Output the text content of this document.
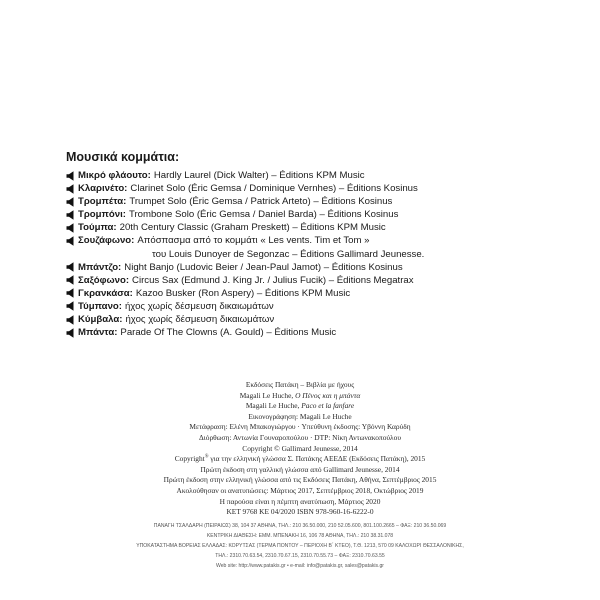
Μουσικά κομμάτια:
Μικρό φλάουτο: Hardly Laurel (Dick Walter) – Éditions KPM Music
Κλαρινέτο: Clarinet Solo (Éric Gemsa / Dominique Vernhes) – Éditions Kosinus
Τρομπέτα: Trumpet Solo (Éric Gemsa / Patrick Arteto) – Éditions Kosinus
Τρομπόνι: Trombone Solo (Éric Gemsa / Daniel Barda) – Éditions Kosinus
Τούμπα: 20th Century Classic (Graham Preskett) – Éditions KPM Music
Σουζάφωνο: Απόσπασμα από το κομμάτι « Les vents. Tim et Tom »
του Louis Dunoyer de Segonzac – Éditions Gallimard Jeunesse.
Μπάντζο: Night Banjo (Ludovic Beier / Jean-Paul Jamot) – Éditions Kosinus
Σαξόφωνο: Circus Sax (Edmund J. King Jr. / Julius Fucik) – Éditions Megatrax
Γκρανκάσα: Kazoo Busker (Ron Aspery) – Éditions KPM Music
Τύμπανο: ήχος χωρίς δέσμευση δικαιωμάτων
Κύμβαλα: ήχος χωρίς δέσμευση δικαιωμάτων
Μπάντα: Parade Of The Clowns (A. Gould) – Éditions Music
Εκδόσεις Πατάκη – Βιβλία με ήχους
Magali Le Huche, Ο Πένος και η μπάντα
Magali Le Huche, Paco et la fanfare
Εικονογράφηση: Magali Le Huche
Μετάφραση: Ελένη Μπακογιώργου · Υπεύθυνη έκδοσης: Υβόννη Καρύδη
Διόρθωση: Αντωνία Γουναροπούλου · DTP: Νίκη Αντωνακοπούλου
Copyright © Gallimard Jeunesse, 2014
Copyright® για την ελληνική γλώσσα Σ. Πατάκης ΑΕΕΔΕ (Εκδόσεις Πατάκη), 2015
Πρώτη έκδοση στη γαλλική γλώσσα από Gallimard Jeunesse, 2014
Πρώτη έκδοση στην ελληνική γλώσσα από τις Εκδόσεις Πατάκη, Αθήνα, Σεπτέμβριος 2015
Ακολούθησαν οι ανατυπώσεις: Μάρτιος 2017, Σεπτέμβριος 2018, Οκτώβριος 2019
Η παρούσα είναι η πέμπτη ανατύπωση, Μάρτιος 2020
ΚΕΤ 9768 ΚΕ 04/2020 ISBN 978-960-16-6222-0
ΠΑΝΑΓΗ ΤΣΑΛΔΑΡΗ (ΠΕΙΡΑΙΩΣ) 38, 104 37 ΑΘΗΝΑ, ΤΗΛ.: 210 36.50.000, 210 52.05.600, 801.100.2665 – ΦΑΞ: 210 36.50.069
ΚΕΝΤΡΙΚΗ ΔΙΑΘΕΣΗ: ΕΜΜ. ΜΠΕΝΑΚΗ 16, 106 78 ΑΘΗΝΑ, ΤΗΛ.: 210 38.31.078
ΥΠΟΚΑΤΑΣΤΗΜΑ ΒΟΡΕΙΑΣ ΕΛΛΑΔΑΣ: ΚΟΡΥΤΣΑΣ (ΤΕΡΜΑ ΠΟΝΤΟΥ – ΠΕΡΙΟΧΗ Β΄ ΚΤΕΟ), Τ.Θ. 1213, 570 09 ΚΑΛΟΧΩΡΙ ΘΕΣΣΑΛΟΝΙΚΗΣ,
ΤΗΛ.: 2310.70.63.54, 2310.70.67.15, 2310.70.55.73 – ΦΑΞ: 2310.70.63.55
Web site: http://www.patakis.gr • e-mail: info@patakis.gr, sales@patakis.gr
